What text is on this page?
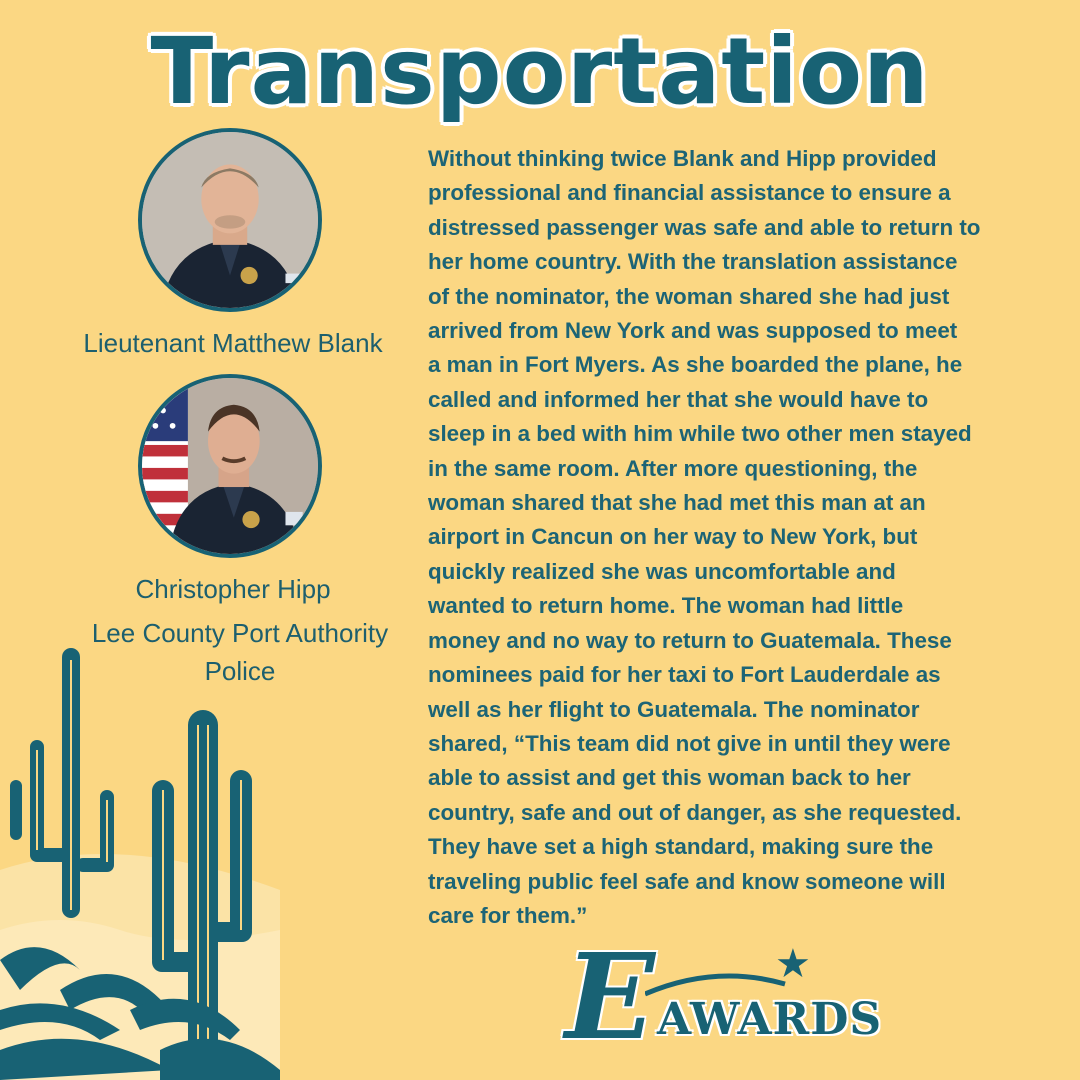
Transportation
Lieutenant Matthew Blank
Christopher Hipp
Lee County Port Authority
Police
Without thinking twice Blank and Hipp provided
professional and financial assistance to ensure a
distressed passenger was safe and able to return to
her home country. With the translation assistance
of the nominator, the woman shared she had just
arrived from New York and was supposed to meet
a man in Fort Myers. As she boarded the plane, he
called and informed her that she would have to
sleep in a bed with him while two other men stayed
in the same room. After more questioning, the
woman shared that she had met this man at an
airport in Cancun on her way to New York, but
quickly realized she was uncomfortable and
wanted to return home. The woman had little
money and no way to return to Guatemala. These
nominees paid for her taxi to Fort Lauderdale as
well as her flight to Guatemala. The nominator
shared, “This team did not give in until they were
able to assist and get this woman back to her
country, safe and out of danger, as she requested.
They have set a high standard, making sure the
traveling public feel safe and know someone will
care for them.”
E	★
AWARDS
